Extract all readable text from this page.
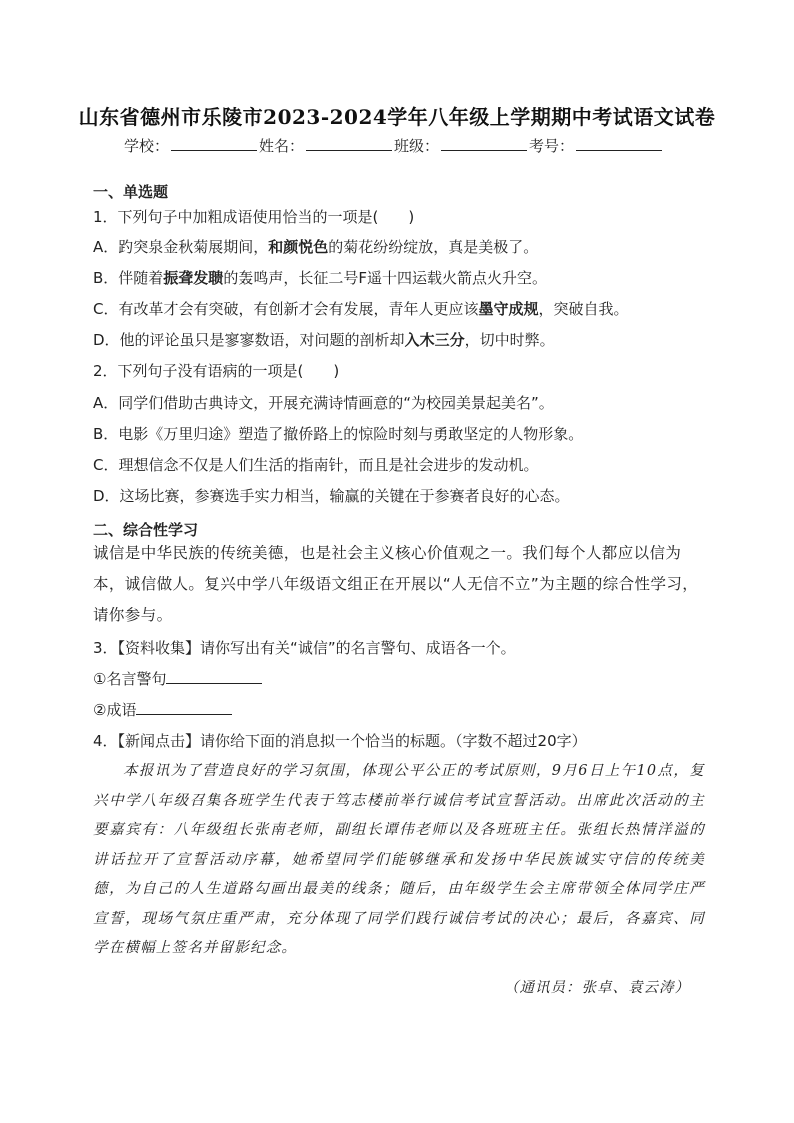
山东省德州市乐陵市2023-2024学年八年级上学期期中考试语文试卷
学校：	姓名：	班级：	考号：
一、单选题
1．下列句子中加粗成语使用恰当的一项是(　　)
A．趵突泉金秋菊展期间，和颜悦色的菊花纷纷绽放，真是美极了。
B．伴随着振聋发聩的轰鸣声，长征二号F遥十四运载火箭点火升空。
C．有改革才会有突破，有创新才会有发展，青年人更应该墨守成规，突破自我。
D．他的评论虽只是寥寥数语，对问题的剖析却入木三分，切中时弊。
2．下列句子没有语病的一项是(　　)
A．同学们借助古典诗文，开展充满诗情画意的“为校园美景起美名”。
B．电影《万里归途》塑造了撤侨路上的惊险时刻与勇敢坚定的人物形象。
C．理想信念不仅是人们生活的指南针，而且是社会进步的发动机。
D．这场比赛，参赛选手实力相当，输赢的关键在于参赛者良好的心态。
二、综合性学习
诚信是中华民族的传统美德，也是社会主义核心价值观之一。我们每个人都应以信为本，诚信做人。复兴中学八年级语文组正在开展以“人无信不立”为主题的综合性学习，请你参与。
3．【资料收集】请你写出有关“诚信”的名言警句、成语各一个。
①名言警句
②成语
4．【新闻点击】请你给下面的消息拟一个恰当的标题。（字数不超过20字）
本报讯为了营造良好的学习氛围，体现公平公正的考试原则，9月6日上午10点，复兴中学八年级召集各班学生代表于笃志楼前举行诚信考试宣誓活动。出席此次活动的主要嘉宾有：八年级组长张南老师，副组长谭伟老师以及各班班主任。张组长热情洋溢的讲话拉开了宣誓活动序幕，她希望同学们能够继承和发扬中华民族诚实守信的传统美德，为自己的人生道路勾画出最美的线条；随后，由年级学生会主席带领全体同学庄严宣誓，现场气氛庄重严肃，充分体现了同学们践行诚信考试的决心；最后，各嘉宾、同学在横幅上签名并留影纪念。
（通讯员：张卓、袁云涛）
